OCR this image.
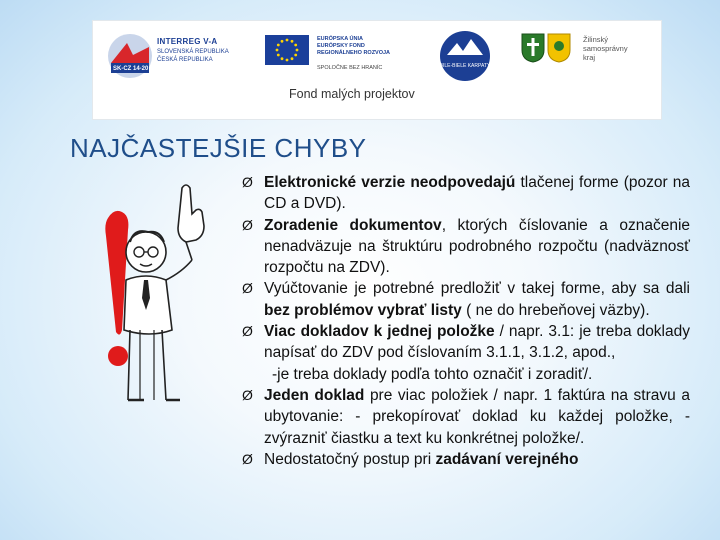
SK-CZ 14-20
INTERREG V-A
SLOVENSKÁ REPUBLIKA
ČESKÁ REPUBLIKA
EURÓPSKA ÚNIA
EURÓPSKY FOND
REGIONÁLNEHO ROZVOJA
SPOLOČNE BEZ HRANÍC	BILE-BIELE KARPATY
Žilinský
samosprávny
kraj
Fond malých projektov
NAJČASTEJŠIE CHYBY
Ø Elektronické verzie neodpovedajú tlačenej forme (pozor na CD a DVD).
Ø Zoradenie dokumentov, ktorých číslovanie a označenie nenadväzuje na štruktúru podrobného rozpočtu (nadväznosť rozpočtu na ZDV).
Ø Vyúčtovanie je potrebné predložiť v takej forme, aby sa dali bez problémov vybrať listy ( ne do hrebeňovej väzby).
Ø Viac dokladov k jednej položke / napr. 3.1: je treba doklady napísať do ZDV pod číslovaním 3.1.1, 3.1.2, apod.,
-je treba doklady podľa tohto označiť i zoradiť/.
Ø Jeden doklad pre viac položiek / napr. 1 faktúra na stravu a ubytovanie: - prekopírovať doklad ku každej položke, - zvýrazniť čiastku a text ku konkrétnej položke/.
Ø Nedostatočný postup pri zadávaní verejného
